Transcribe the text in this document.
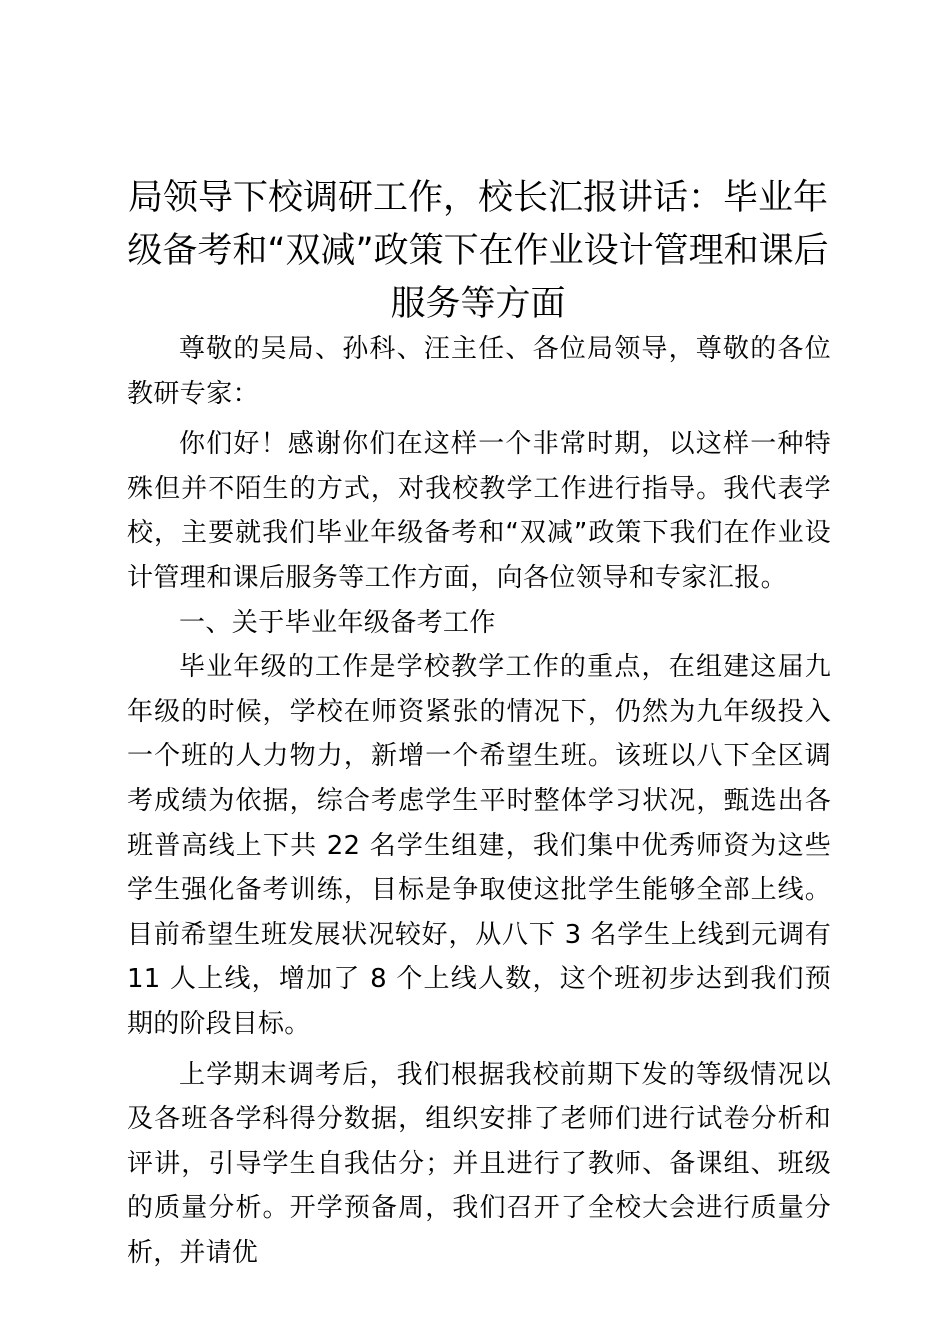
局领导下校调研工作，校长汇报讲话：毕业年级备考和“双减”政策下在作业设计管理和课后服务等方面

尊敬的吴局、孙科、汪主任、各位局领导，尊敬的各位教研专家：

你们好！感谢你们在这样一个非常时期，以这样一种特殊但并不陌生的方式，对我校教学工作进行指导。我代表学校，主要就我们毕业年级备考和“双减”政策下我们在作业设计管理和课后服务等工作方面，向各位领导和专家汇报。

一、关于毕业年级备考工作

毕业年级的工作是学校教学工作的重点，在组建这届九年级的时候，学校在师资紧张的情况下，仍然为九年级投入一个班的人力物力，新增一个希望生班。该班以八下全区调考成绩为依据，综合考虑学生平时整体学习状况，甄选出各班普高线上下共 22 名学生组建，我们集中优秀师资为这些学生强化备考训练，目标是争取使这批学生能够全部上线。目前希望生班发展状况较好，从八下 3 名学生上线到元调有 11 人上线，增加了 8 个上线人数，这个班初步达到我们预期的阶段目标。

上学期末调考后，我们根据我校前期下发的等级情况以及各班各学科得分数据，组织安排了老师们进行试卷分析和评讲，引导学生自我估分；并且进行了教师、备课组、班级的质量分析。开学预备周，我们召开了全校大会进行质量分析，并请优
